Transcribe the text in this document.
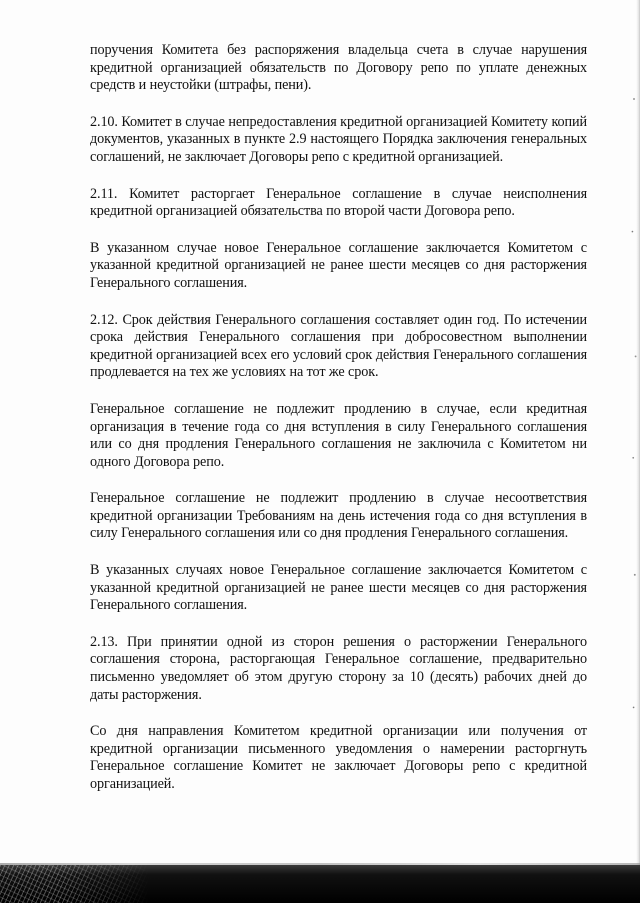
поручения Комитета без распоряжения владельца счета в случае нарушения кредитной организацией обязательств по Договору репо по уплате денежных средств и неустойки (штрафы, пени).

2.10. Комитет в случае непредоставления кредитной организацией Комитету копий документов, указанных в пункте 2.9 настоящего Порядка заключения генеральных соглашений, не заключает Договоры репо с кредитной организацией.

2.11. Комитет расторгает Генеральное соглашение в случае неисполнения кредитной организацией обязательства по второй части Договора репо.

В указанном случае новое Генеральное соглашение заключается Комитетом с указанной кредитной организацией не ранее шести месяцев со дня расторжения Генерального соглашения.

2.12. Срок действия Генерального соглашения составляет один год. По истечении срока действия Генерального соглашения при добросовестном выполнении кредитной организацией всех его условий срок действия Генерального соглашения продлевается на тех же условиях на тот же срок.

Генеральное соглашение не подлежит продлению в случае, если кредитная организация в течение года со дня вступления в силу Генерального соглашения или со дня продления Генерального соглашения не заключила с Комитетом ни одного Договора репо.

Генеральное соглашение не подлежит продлению в случае несоответствия кредитной организации Требованиям на день истечения года со дня вступления в силу Генерального соглашения или со дня продления Генерального соглашения.

В указанных случаях новое Генеральное соглашение заключается Комитетом с указанной кредитной организацией не ранее шести месяцев со дня расторжения Генерального соглашения.

2.13. При принятии одной из сторон решения о расторжении Генерального соглашения сторона, расторгающая Генеральное соглашение, предварительно письменно уведомляет об этом другую сторону за 10 (десять) рабочих дней до даты расторжения.

Со дня направления Комитетом кредитной организации или получения от кредитной организации письменного уведомления о намерении расторгнуть Генеральное соглашение Комитет не заключает Договоры репо с кредитной организацией.
